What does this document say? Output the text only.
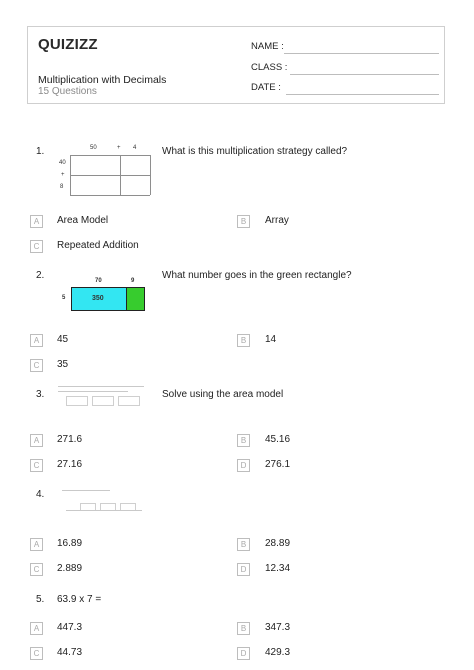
QUIZIZZ
Multiplication with Decimals
15 Questions
NAME :
CLASS :
DATE :
1.	50	+ 4
40
+
8
What is this multiplication strategy called?
A	Area Model	B	Array
C	Repeated Addition
2.	70	9
5	350
What number goes in the green rectangle?
A	45	B	14
C	35
3.	Solve using the area model
A	271.6	B	45.16
C	27.16	D	276.1
4.
A	16.89	B	28.89
C	2.889	D	12.34
5. 63.9 x 7 =
A	447.3	B	347.3
C	44.73	D	429.3
